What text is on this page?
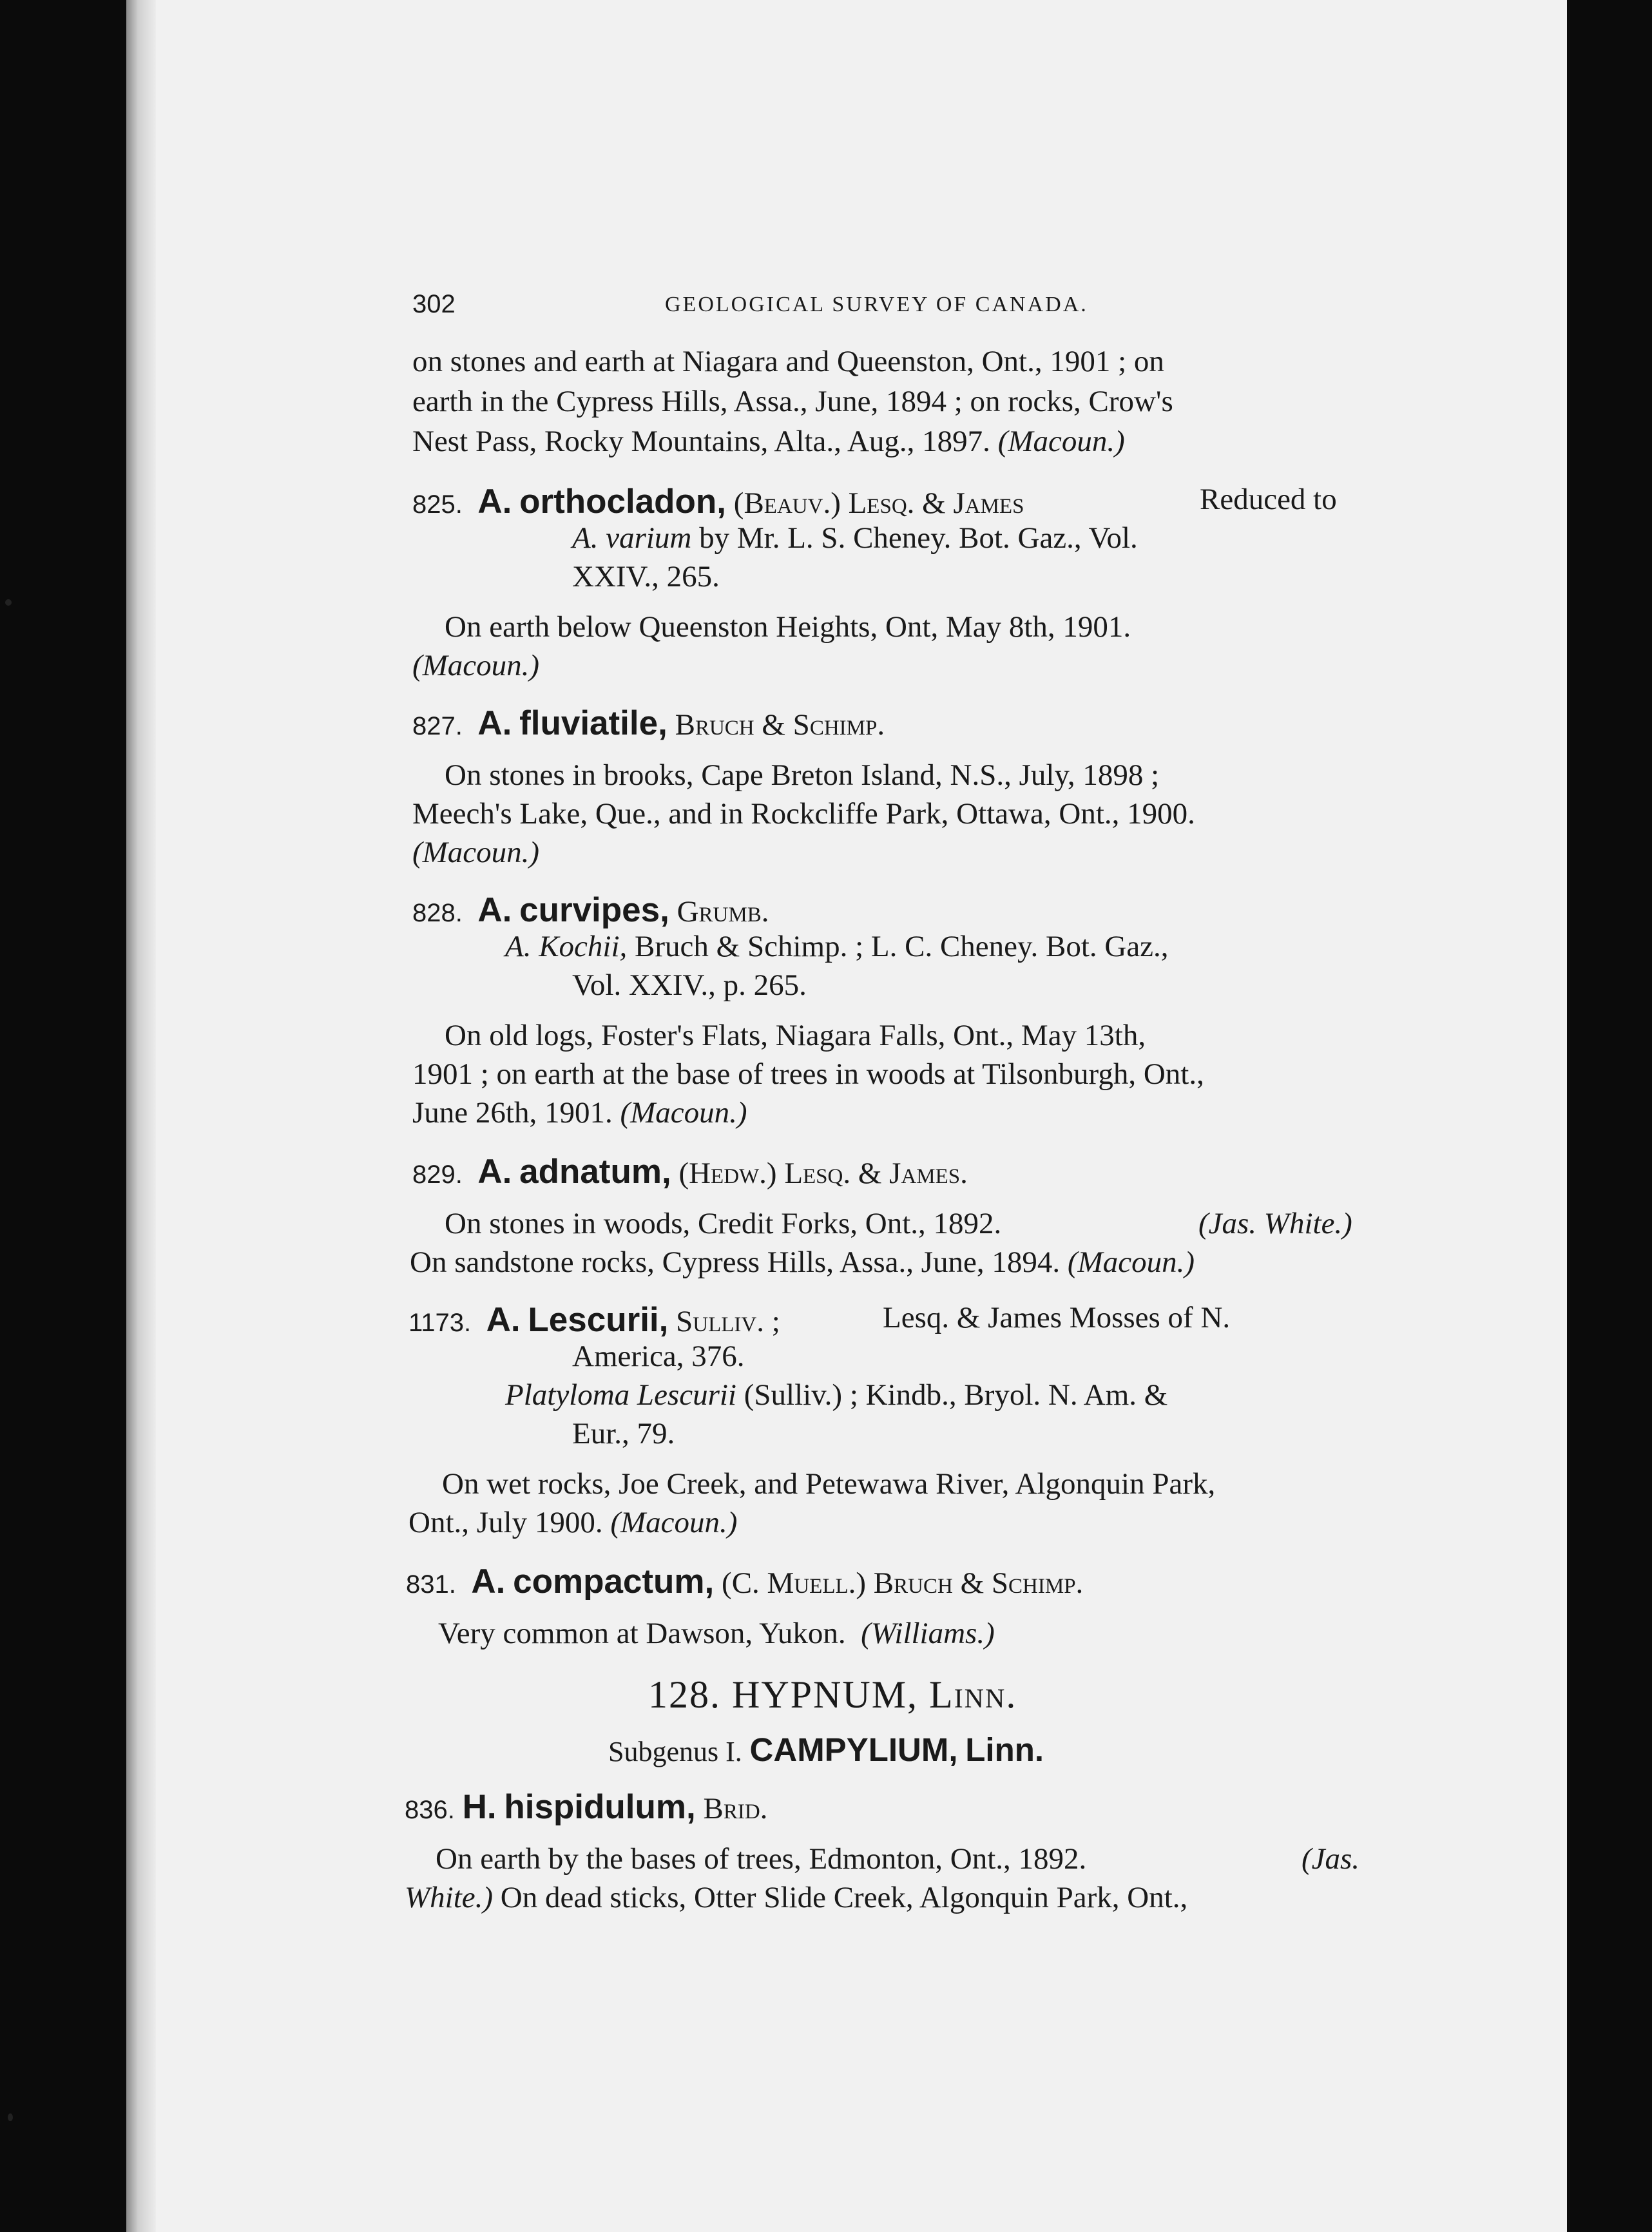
302	GEOLOGICAL SURVEY OF CANADA.
on stones and earth at Niagara and Queenston, Ont., 1901 ; on
earth in the Cypress Hills, Assa., June, 1894 ; on rocks, Crow's
Nest Pass, Rocky Mountains, Alta., Aug., 1897. (Macoun.)
825. A. orthocladon, (Beauv.) Lesq. & James	Reduced to
A. varium by Mr. L. S. Cheney. Bot. Gaz., Vol.
XXIV., 265.
On earth below Queenston Heights, Ont, May 8th, 1901.
(Macoun.)
827. A. fluviatile, Bruch & Schimp.
On stones in brooks, Cape Breton Island, N.S., July, 1898 ;
Meech's Lake, Que., and in Rockcliffe Park, Ottawa, Ont., 1900.
(Macoun.)
828. A. curvipes, Grumb.
A. Kochii, Bruch & Schimp. ; L. C. Cheney. Bot. Gaz.,
Vol. XXIV., p. 265.
On old logs, Foster's Flats, Niagara Falls, Ont., May 13th,
1901 ; on earth at the base of trees in woods at Tilsonburgh, Ont.,
June 26th, 1901. (Macoun.)
829. A. adnatum, (Hedw.) Lesq. & James.
On stones in woods, Credit Forks, Ont., 1892.	(Jas. White.)
On sandstone rocks, Cypress Hills, Assa., June, 1894. (Macoun.)
1173. A. Lescurii, Sulliv. ;	Lesq. & James Mosses of N.
America, 376.
Platyloma Lescurii (Sulliv.) ; Kindb., Bryol. N. Am. &
Eur., 79.
On wet rocks, Joe Creek, and Petewawa River, Algonquin Park,
Ont., July 1900. (Macoun.)
831. A. compactum, (C. Muell.) Bruch & Schimp.
Very common at Dawson, Yukon. (Williams.)
128. HYPNUM, Linn.
Subgenus I. CAMPYLIUM, Linn.
836. H. hispidulum, Brid.
On earth by the bases of trees, Edmonton, Ont., 1892.	(Jas.
White.) On dead sticks, Otter Slide Creek, Algonquin Park, Ont.,
